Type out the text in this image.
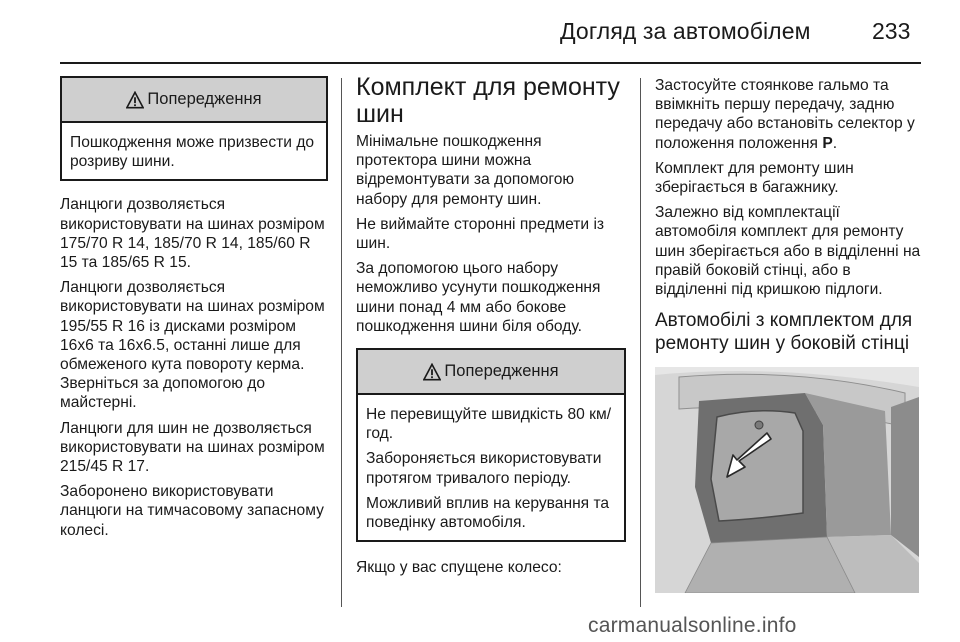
Догляд за автомобілем	233
Попередження
Пошкодження може призвести до розриву шини.
Ланцюги дозволяється використовувати на шинах розміром 175/70 R 14, 185/70 R 14, 185/60 R 15 та 185/65 R 15.
Ланцюги дозволяється використовувати на шинах розміром 195/55 R 16 із дисками розміром 16x6 та 16x6.5, останні лише для обмеженого кута повороту керма. Зверніться за допомогою до майстерні.
Ланцюги для шин не дозволяється використовувати на шинах розміром 215/45 R 17.
Заборонено використовувати ланцюги на тимчасовому запасному колесі.
Комплект для ремонту шин
Мінімальне пошкодження протектора шини можна відремонтувати за допомогою набору для ремонту шин.
Не виймайте сторонні предмети із шин.
За допомогою цього набору неможливо усунути пошкодження шини понад 4 мм або бокове пошкодження шини біля ободу.
Попередження
Не перевищуйте швидкість 80 км/год.
Забороняється використовувати протягом тривалого періоду.
Можливий вплив на керування та поведінку автомобіля.
Якщо у вас спущене колесо:
Застосуйте стоянкове гальмо та ввімкніть першу передачу, задню передачу або встановіть селектор у положення положення P.
Комплект для ремонту шин зберігається в багажнику.
Залежно від комплектації автомобіля комплект для ремонту шин зберігається або в відділенні на правій боковій стінці, або в відділенні під кришкою підлоги.
Автомобілі з комплектом для ремонту шин у боковій стінці
carmanualsonline.info
